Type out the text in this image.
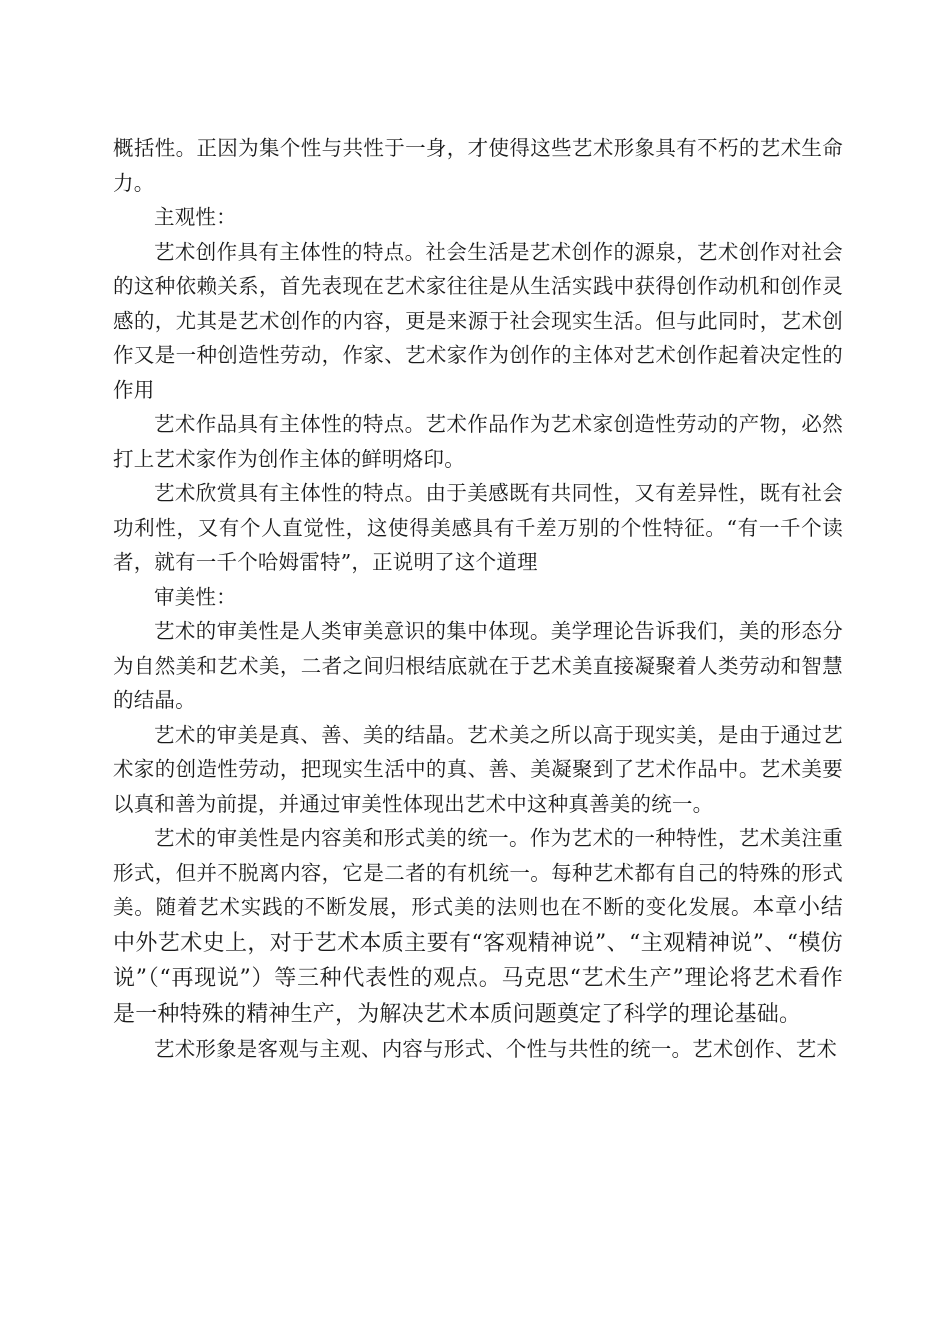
概括性。正因为集个性与共性于一身，才使得这些艺术形象具有不朽的艺术生命力。

主观性：

艺术创作具有主体性的特点。社会生活是艺术创作的源泉，艺术创作对社会的这种依赖关系，首先表现在艺术家往往是从生活实践中获得创作动机和创作灵感的，尤其是艺术创作的内容，更是来源于社会现实生活。但与此同时，艺术创作又是一种创造性劳动，作家、艺术家作为创作的主体对艺术创作起着决定性的作用

艺术作品具有主体性的特点。艺术作品作为艺术家创造性劳动的产物，必然打上艺术家作为创作主体的鲜明烙印。

艺术欣赏具有主体性的特点。由于美感既有共同性，又有差异性，既有社会功利性，又有个人直觉性，这使得美感具有千差万别的个性特征。“有一千个读者，就有一千个哈姆雷特”，正说明了这个道理

审美性：

艺术的审美性是人类审美意识的集中体现。美学理论告诉我们，美的形态分为自然美和艺术美，二者之间归根结底就在于艺术美直接凝聚着人类劳动和智慧的结晶。

艺术的审美是真、善、美的结晶。艺术美之所以高于现实美，是由于通过艺术家的创造性劳动，把现实生活中的真、善、美凝聚到了艺术作品中。艺术美要以真和善为前提，并通过审美性体现出艺术中这种真善美的统一。

艺术的审美性是内容美和形式美的统一。作为艺术的一种特性，艺术美注重形式，但并不脱离内容，它是二者的有机统一。每种艺术都有自己的特殊的形式美。随着艺术实践的不断发展，形式美的法则也在不断的变化发展。本章小结中外艺术史上，对于艺术本质主要有“客观精神说”、“主观精神说”、“模仿说”（“再现说”）等三种代表性的观点。马克思“艺术生产”理论将艺术看作是一种特殊的精神生产，为解决艺术本质问题奠定了科学的理论基础。

艺术形象是客观与主观、内容与形式、个性与共性的统一。艺术创作、艺术
